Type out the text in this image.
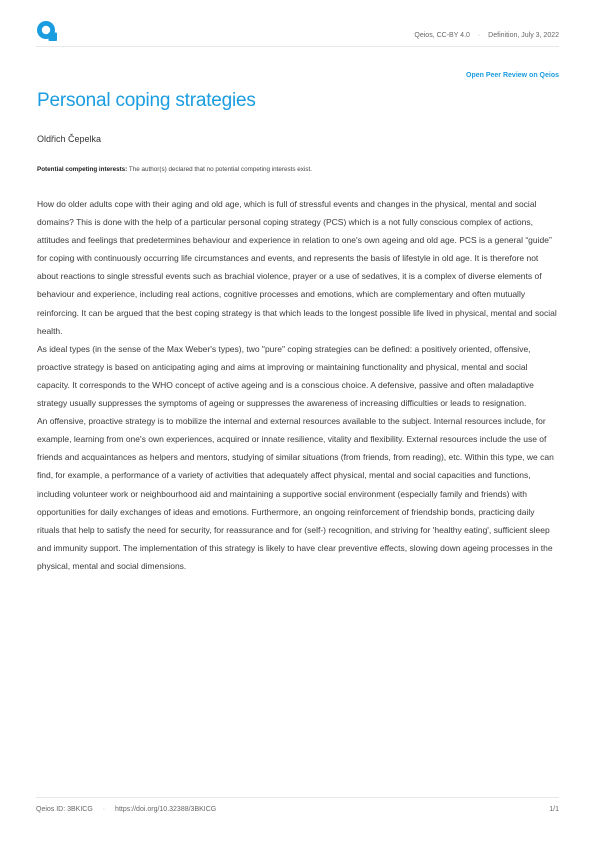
Qeios, CC-BY 4.0 · Definition, July 3, 2022
Open Peer Review on Qeios
Personal coping strategies
Oldřich Čepelka
Potential competing interests: The author(s) declared that no potential competing interests exist.

How do older adults cope with their aging and old age, which is full of stressful events and changes in the physical, mental and social domains? This is done with the help of a particular personal coping strategy (PCS) which is a not fully conscious complex of actions, attitudes and feelings that predetermines behaviour and experience in relation to one's own ageing and old age. PCS is a general “guide” for coping with continuously occurring life circumstances and events, and represents the basis of lifestyle in old age. It is therefore not about reactions to single stressful events such as brachial violence, prayer or a use of sedatives, it is a complex of diverse elements of behaviour and experience, including real actions, cognitive processes and emotions, which are complementary and often mutually reinforcing. It can be argued that the best coping strategy is that which leads to the longest possible life lived in physical, mental and social health.

As ideal types (in the sense of the Max Weber's types), two "pure" coping strategies can be defined: a positively oriented, offensive, proactive strategy is based on anticipating aging and aims at improving or maintaining functionality and physical, mental and social capacity. It corresponds to the WHO concept of active ageing and is a conscious choice. A defensive, passive and often maladaptive strategy usually suppresses the symptoms of ageing or suppresses the awareness of increasing difficulties or leads to resignation.

An offensive, proactive strategy is to mobilize the internal and external resources available to the subject. Internal resources include, for example, learning from one's own experiences, acquired or innate resilience, vitality and flexibility. External resources include the use of friends and acquaintances as helpers and mentors, studying of similar situations (from friends, from reading), etc. Within this type, we can find, for example, a performance of a variety of activities that adequately affect physical, mental and social capacities and functions, including volunteer work or neighbourhood aid and maintaining a supportive social environment (especially family and friends) with opportunities for daily exchanges of ideas and emotions. Furthermore, an ongoing reinforcement of friendship bonds, practicing daily rituals that help to satisfy the need for security, for reassurance and for (self-) recognition, and striving for 'healthy eating', sufficient sleep and immunity support. The implementation of this strategy is likely to have clear preventive effects, slowing down ageing processes in the physical, mental and social dimensions.

Qeios ID: 3BKICG · https://doi.org/10.32388/3BKICG	1/1
